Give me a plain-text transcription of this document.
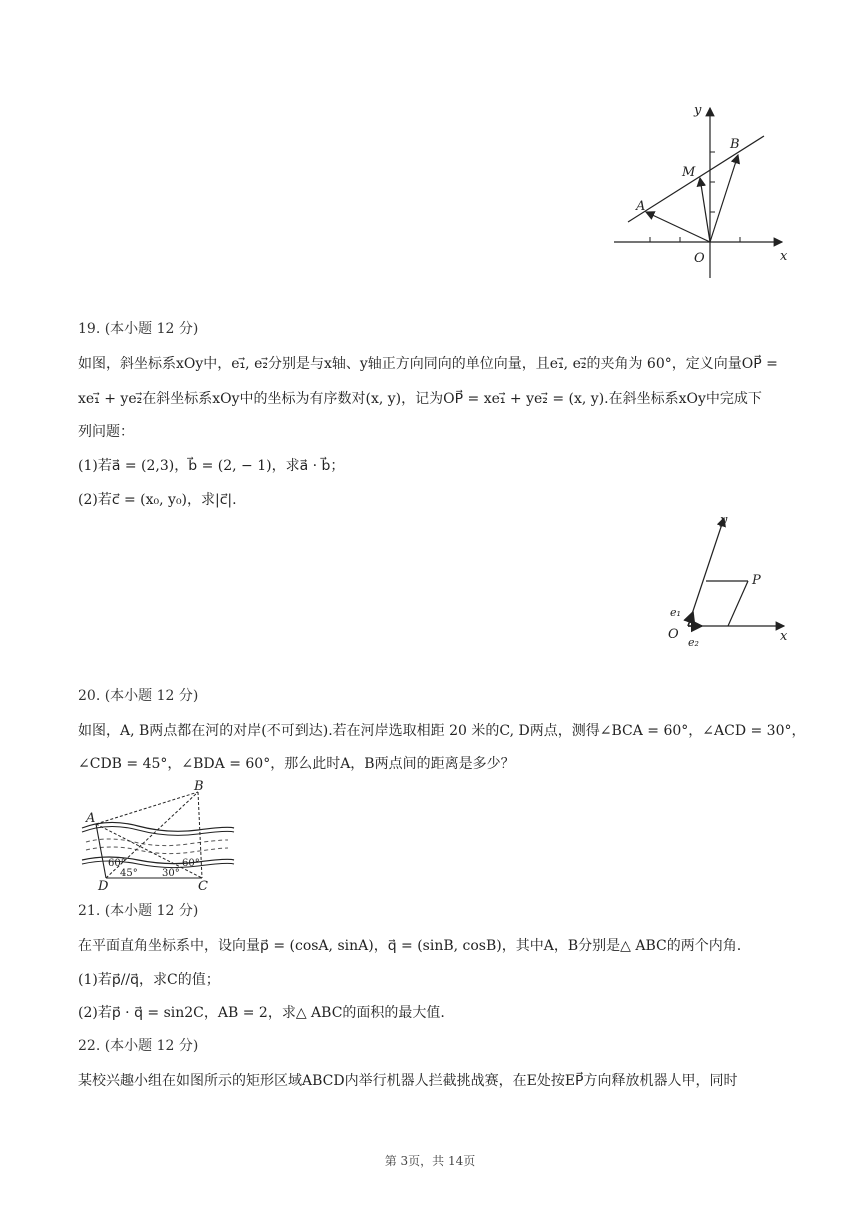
y
x
O
A
M
B
19. (本小题 12 分)
如图，斜坐标系xOy中，e₁⃗, e₂⃗分别是与x轴、y轴正方向同向的单位向量，且e₁⃗, e₂⃗的夹角为 60°，定义向量OP⃗ =
xe₁⃗ + ye₂⃗在斜坐标系xOy中的坐标为有序数对(x, y)，记为OP⃗ = xe₁⃗ + ye₂⃗ = (x, y).在斜坐标系xOy中完成下
列问题：
(1)若a⃗ = (2,3)，b⃗ = (2, − 1)，求a⃗ · b⃗；
(2)若c⃗ = (x₀, y₀)，求|c⃗|.
y
x
P
O
e₁
e₂
20. (本小题 12 分)
如图，A, B两点都在河的对岸(不可到达).若在河岸选取相距 20 米的C, D两点，测得∠BCA = 60°，∠ACD = 30°，
∠CDB = 45°，∠BDA = 60°，那么此时A，B两点间的距离是多少？
A
B
D	C
60°	60°
45° 30°
21. (本小题 12 分)
在平面直角坐标系中，设向量p⃗ = (cosA, sinA)，q⃗ = (sinB, cosB)，其中A，B分别是△ ABC的两个内角.
(1)若p⃗//q⃗，求C的值；
(2)若p⃗ · q⃗ = sin2C，AB = 2，求△ ABC的面积的最大值.
22. (本小题 12 分)
某校兴趣小组在如图所示的矩形区域ABCD内举行机器人拦截挑战赛，在E处按EP⃗方向释放机器人甲，同时
第 3页，共 14页
